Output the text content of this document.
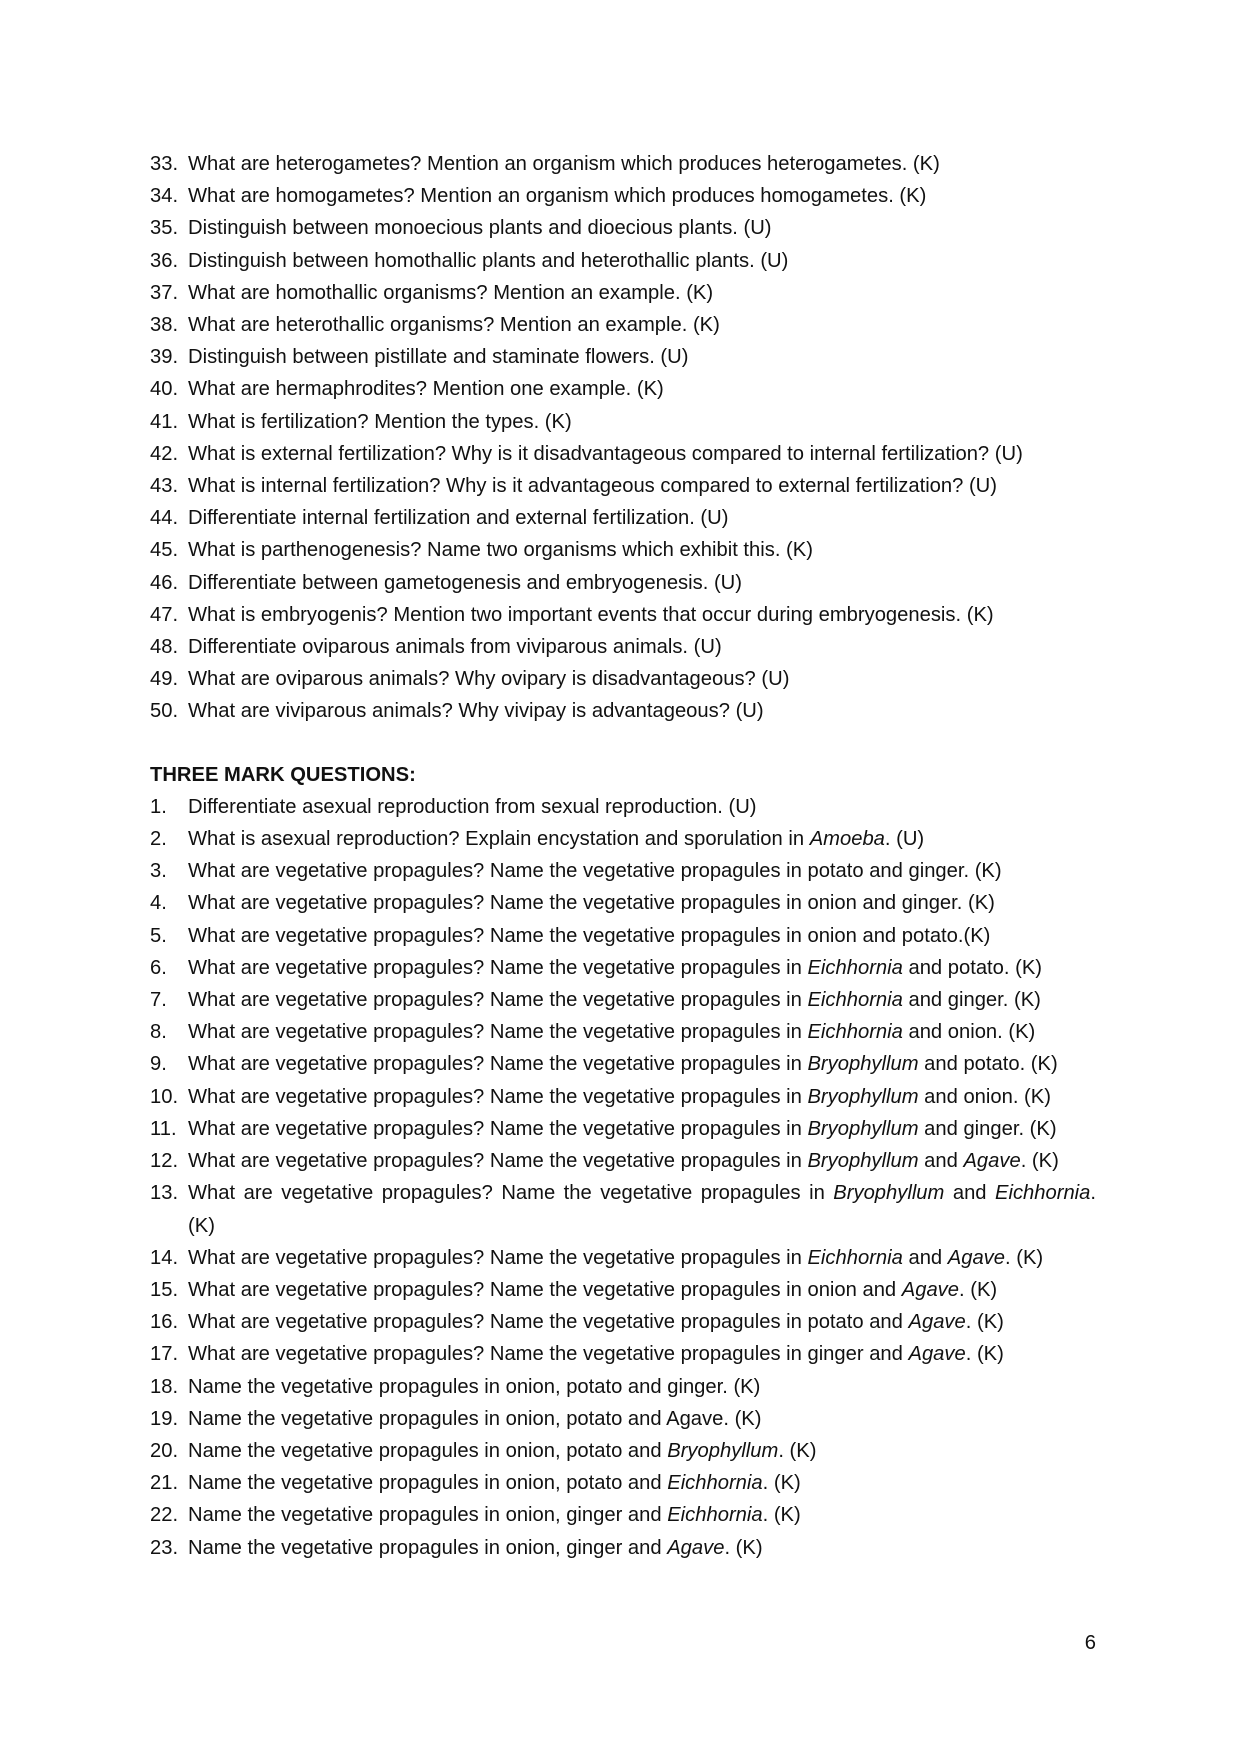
33. What are heterogametes? Mention an organism which produces heterogametes. (K)
34. What are homogametes? Mention an organism which produces homogametes. (K)
35. Distinguish between monoecious plants and dioecious plants. (U)
36. Distinguish between homothallic plants and heterothallic plants. (U)
37. What are homothallic organisms? Mention an example. (K)
38. What are heterothallic organisms? Mention an example. (K)
39. Distinguish between pistillate and staminate flowers. (U)
40. What are hermaphrodites? Mention one example. (K)
41. What is fertilization? Mention the types. (K)
42. What is external fertilization? Why is it disadvantageous compared to internal fertilization? (U)
43. What is internal fertilization? Why is it advantageous compared to external fertilization? (U)
44. Differentiate internal fertilization and external fertilization. (U)
45. What is parthenogenesis? Name two organisms which exhibit this. (K)
46. Differentiate between gametogenesis and embryogenesis. (U)
47. What is embryogenis? Mention two important events that occur during embryogenesis. (K)
48. Differentiate oviparous animals from viviparous animals. (U)
49. What are oviparous animals? Why ovipary is disadvantageous? (U)
50. What are viviparous animals? Why vivipay is advantageous? (U)
THREE MARK QUESTIONS:
1.	Differentiate asexual reproduction from sexual reproduction. (U)
2.	What is asexual reproduction? Explain encystation and sporulation in Amoeba. (U)
3.	What are vegetative propagules? Name the vegetative propagules in potato and ginger. (K)
4.	What are vegetative propagules? Name the vegetative propagules in onion and ginger. (K)
5.	What are vegetative propagules? Name the vegetative propagules in onion and potato.(K)
6.	What are vegetative propagules? Name the vegetative propagules in Eichhornia and potato. (K)
7.	What are vegetative propagules? Name the vegetative propagules in Eichhornia and ginger. (K)
8.	What are vegetative propagules? Name the vegetative propagules in Eichhornia and onion. (K)
9.	What are vegetative propagules? Name the vegetative propagules in Bryophyllum and potato. (K)
10. What are vegetative propagules? Name the vegetative propagules in Bryophyllum and onion. (K)
11. What are vegetative propagules? Name the vegetative propagules in Bryophyllum and ginger. (K)
12. What are vegetative propagules? Name the vegetative propagules in Bryophyllum and Agave. (K)
13. What are vegetative propagules? Name the vegetative propagules in Bryophyllum and Eichhornia. (K)
14. What are vegetative propagules? Name the vegetative propagules in Eichhornia and Agave. (K)
15. What are vegetative propagules? Name the vegetative propagules in onion and Agave. (K)
16. What are vegetative propagules? Name the vegetative propagules in potato and Agave. (K)
17. What are vegetative propagules? Name the vegetative propagules in ginger and Agave. (K)
18. Name the vegetative propagules in onion, potato and ginger. (K)
19. Name the vegetative propagules in onion, potato and Agave. (K)
20. Name the vegetative propagules in onion, potato and Bryophyllum. (K)
21. Name the vegetative propagules in onion, potato and Eichhornia. (K)
22. Name the vegetative propagules in onion, ginger and Eichhornia. (K)
23. Name the vegetative propagules in onion, ginger and Agave. (K)
6
